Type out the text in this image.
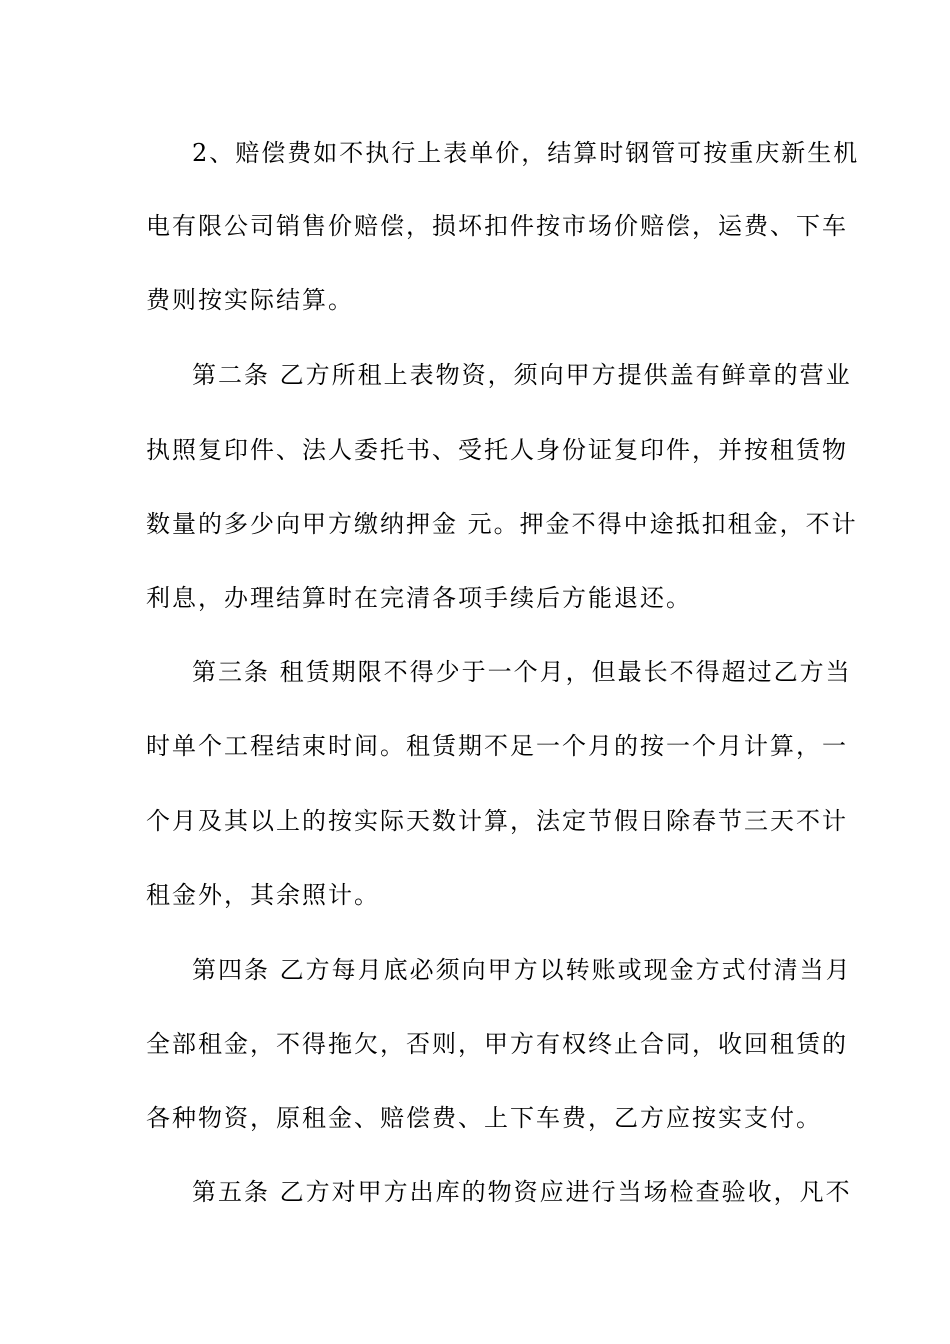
2、赔偿费如不执行上表单价，结算时钢管可按重庆新生机
电有限公司销售价赔偿，损坏扣件按市场价赔偿，运费、下车
费则按实际结算。
第二条 乙方所租上表物资，须向甲方提供盖有鲜章的营业
执照复印件、法人委托书、受托人身份证复印件，并按租赁物
数量的多少向甲方缴纳押金 元。押金不得中途抵扣租金，不计
利息，办理结算时在完清各项手续后方能退还。
第三条 租赁期限不得少于一个月，但最长不得超过乙方当
时单个工程结束时间。租赁期不足一个月的按一个月计算，一
个月及其以上的按实际天数计算，法定节假日除春节三天不计
租金外，其余照计。
第四条 乙方每月底必须向甲方以转账或现金方式付清当月
全部租金，不得拖欠，否则，甲方有权终止合同，收回租赁的
各种物资，原租金、赔偿费、上下车费，乙方应按实支付。
第五条 乙方对甲方出库的物资应进行当场检查验收，凡不
